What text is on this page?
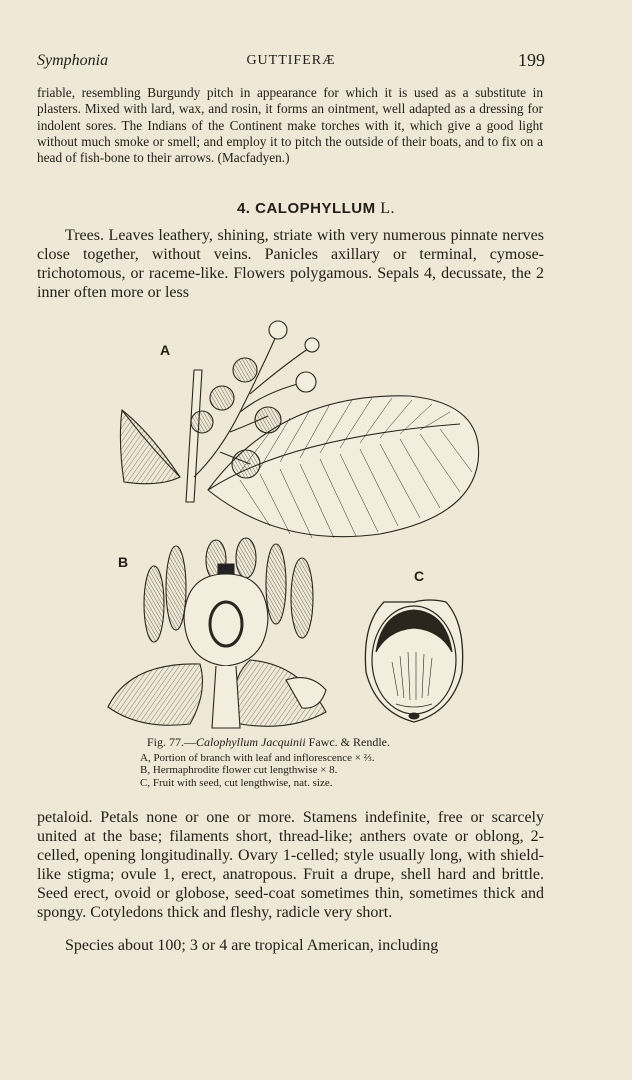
Symphonia	GUTTIFERÆ	199
friable, resembling Burgundy pitch in appearance for which it is used as a substitute in plasters. Mixed with lard, wax, and rosin, it forms an ointment, well adapted as a dressing for indolent sores. The Indians of the Continent make torches with it, which give a good light without much smoke or smell; and employ it to pitch the outside of their boats, and to fix on a head of fish-bone to their arrows. (Macfadyen.)
4. CALOPHYLLUM L.
Trees. Leaves leathery, shining, striate with very numerous pinnate nerves close together, without veins. Panicles axillary or terminal, cymose-trichotomous, or raceme-like. Flowers polygamous. Sepals 4, decussate, the 2 inner often more or less
A
B
C
Fig. 77.—Calophyllum Jacquinii Fawc. & Rendle.
A, Portion of branch with leaf and inflorescence × ⅔.
B, Hermaphrodite flower cut lengthwise × 8.
C, Fruit with seed, cut lengthwise, nat. size.
petaloid. Petals none or one or more. Stamens indefinite, free or scarcely united at the base; filaments short, thread-like; anthers ovate or oblong, 2-celled, opening longitudinally. Ovary 1-celled; style usually long, with shield-like stigma; ovule 1, erect, anatropous. Fruit a drupe, shell hard and brittle. Seed erect, ovoid or globose, seed-coat sometimes thin, sometimes thick and spongy. Cotyledons thick and fleshy, radicle very short.
Species about 100; 3 or 4 are tropical American, including
